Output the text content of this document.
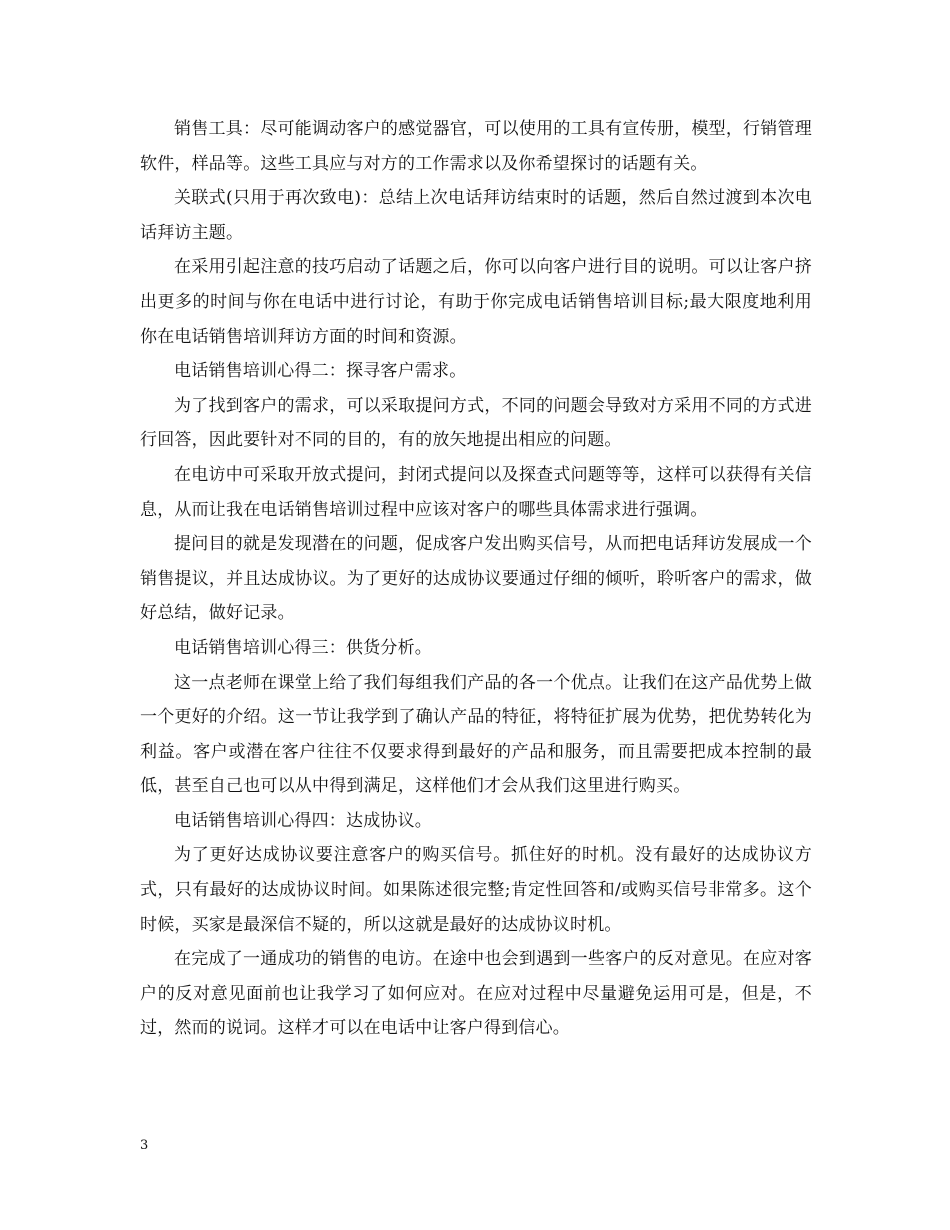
销售工具：尽可能调动客户的感觉器官，可以使用的工具有宣传册，模型，行销管理软件，样品等。这些工具应与对方的工作需求以及你希望探讨的话题有关。

关联式(只用于再次致电)：总结上次电话拜访结束时的话题，然后自然过渡到本次电话拜访主题。

在采用引起注意的技巧启动了话题之后，你可以向客户进行目的说明。可以让客户挤出更多的时间与你在电话中进行讨论，有助于你完成电话销售培训目标;最大限度地利用你在电话销售培训拜访方面的时间和资源。

电话销售培训心得二：探寻客户需求。

为了找到客户的需求，可以采取提问方式，不同的问题会导致对方采用不同的方式进行回答，因此要针对不同的目的，有的放矢地提出相应的问题。

在电访中可采取开放式提问，封闭式提问以及探查式问题等等，这样可以获得有关信息，从而让我在电话销售培训过程中应该对客户的哪些具体需求进行强调。

提问目的就是发现潜在的问题，促成客户发出购买信号，从而把电话拜访发展成一个销售提议，并且达成协议。为了更好的达成协议要通过仔细的倾听，聆听客户的需求，做好总结，做好记录。

电话销售培训心得三：供货分析。

这一点老师在课堂上给了我们每组我们产品的各一个优点。让我们在这产品优势上做一个更好的介绍。这一节让我学到了确认产品的特征，将特征扩展为优势，把优势转化为利益。客户或潜在客户往往不仅要求得到最好的产品和服务，而且需要把成本控制的最低，甚至自己也可以从中得到满足，这样他们才会从我们这里进行购买。

电话销售培训心得四：达成协议。

为了更好达成协议要注意客户的购买信号。抓住好的时机。没有最好的达成协议方式，只有最好的达成协议时间。如果陈述很完整;肯定性回答和/或购买信号非常多。这个时候，买家是最深信不疑的，所以这就是最好的达成协议时机。

在完成了一通成功的销售的电访。在途中也会到遇到一些客户的反对意见。在应对客户的反对意见面前也让我学习了如何应对。在应对过程中尽量避免运用可是，但是，不过，然而的说词。这样才可以在电话中让客户得到信心。

3
